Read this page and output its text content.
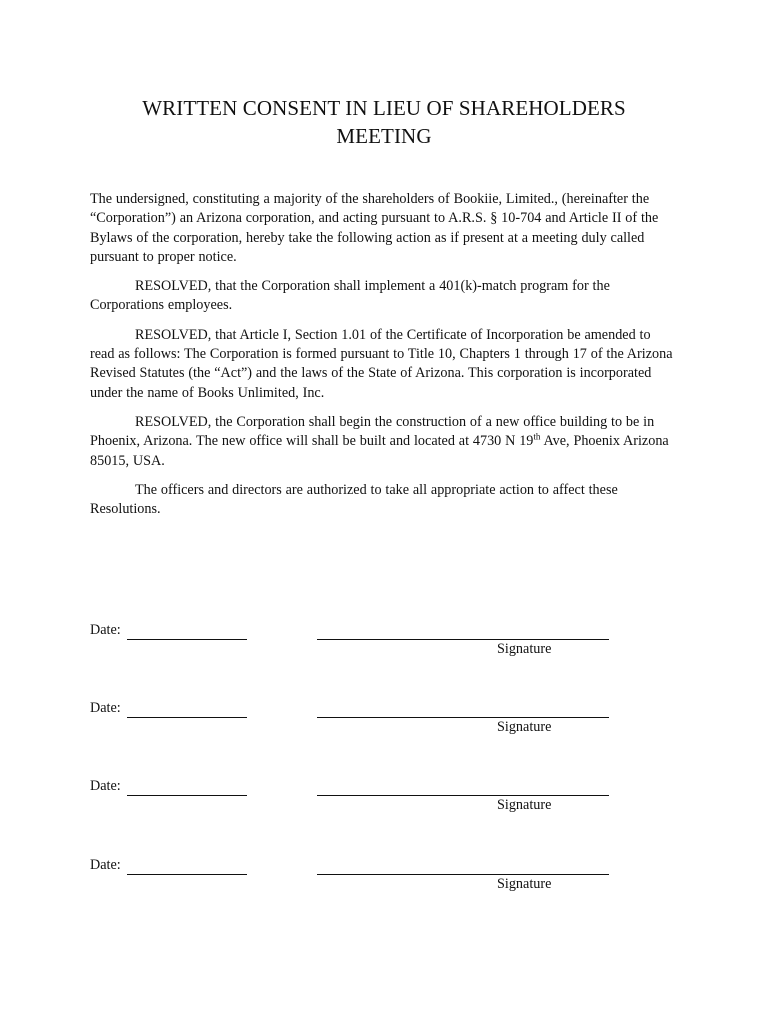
WRITTEN CONSENT IN LIEU OF SHAREHOLDERS
MEETING

The undersigned, constituting a majority of the shareholders of Bookiie, Limited., (hereinafter the “Corporation”) an Arizona corporation, and acting pursuant to A.R.S. § 10-704 and Article II of the Bylaws of the corporation, hereby take the following action as if present at a meeting duly called pursuant to proper notice.

RESOLVED, that the Corporation shall implement a 401(k)-match program for the Corporations employees.

RESOLVED, that Article I, Section 1.01 of the Certificate of Incorporation be amended to read as follows: The Corporation is formed pursuant to Title 10, Chapters 1 through 17 of the Arizona Revised Statutes (the “Act”) and the laws of the State of Arizona. This corporation is incorporated under the name of Books Unlimited, Inc.

RESOLVED, the Corporation shall begin the construction of a new office building to be in Phoenix, Arizona. The new office will shall be built and located at 4730 N 19th Ave, Phoenix Arizona 85015, USA.

The officers and directors are authorized to take all appropriate action to affect these Resolutions.

Date:
Signature
Date:
Signature
Date:
Signature
Date:
Signature
